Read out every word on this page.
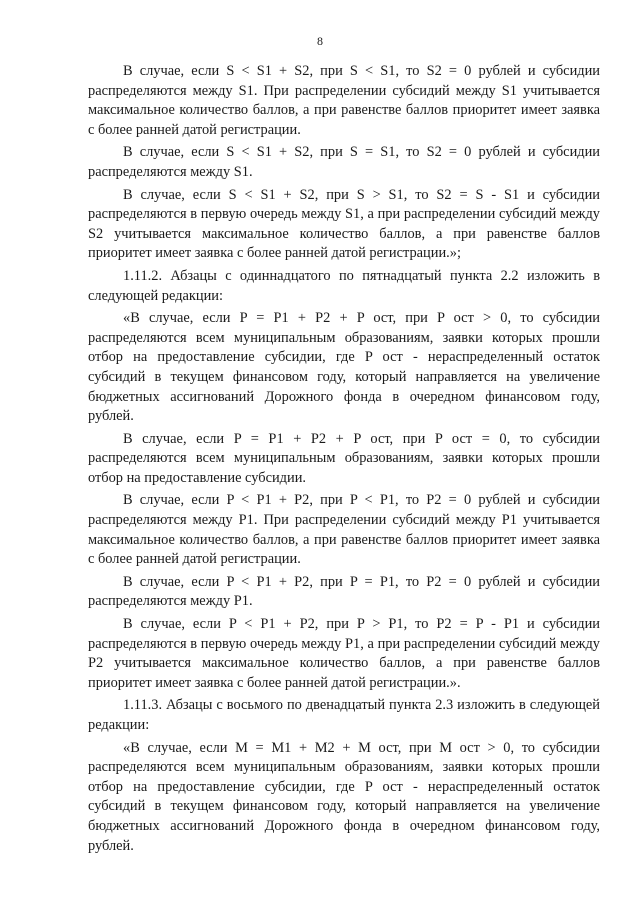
8

В случае, если S < S1 + S2, при S < S1, то S2 = 0 рублей и субсидии распределяются между S1. При распределении субсидий между S1 учитывается максимальное количество баллов, а при равенстве баллов приоритет имеет заявка с более ранней датой регистрации.

В случае, если S < S1 + S2, при S = S1, то S2 = 0 рублей и субсидии распределяются между S1.

В случае, если S < S1 + S2, при S > S1, то S2 = S - S1 и субсидии распределяются в первую очередь между S1, а при распределении субсидий между S2 учитывается максимальное количество баллов, а при равенстве баллов приоритет имеет заявка с более ранней датой регистрации.»;

1.11.2. Абзацы с одиннадцатого по пятнадцатый пункта 2.2 изложить в следующей редакции:

«В случае, если P = P1 + P2 + P ост, при P ост > 0, то субсидии распределяются всем муниципальным образованиям, заявки которых прошли отбор на предоставление субсидии, где P ост - нераспределенный остаток субсидий в текущем финансовом году, который направляется на увеличение бюджетных ассигнований Дорожного фонда в очередном финансовом году, рублей.

В случае, если P = P1 + P2 + P ост, при P ост = 0, то субсидии распределяются всем муниципальным образованиям, заявки которых прошли отбор на предоставление субсидии.

В случае, если P < P1 + P2, при P < P1, то P2 = 0 рублей и субсидии распределяются между P1. При распределении субсидий между P1 учитывается максимальное количество баллов, а при равенстве баллов приоритет имеет заявка с более ранней датой регистрации.

В случае, если P < P1 + P2, при P = P1, то P2 = 0 рублей и субсидии распределяются между P1.

В случае, если P < P1 + P2, при P > P1, то P2 = P - P1 и субсидии распределяются в первую очередь между P1, а при распределении субсидий между P2 учитывается максимальное количество баллов, а при равенстве баллов приоритет имеет заявка с более ранней датой регистрации.».

1.11.3. Абзацы с восьмого по двенадцатый пункта 2.3 изложить в следующей редакции:

«В случае, если M = M1 + M2 + M ост, при M ост > 0, то субсидии распределяются всем муниципальным образованиям, заявки которых прошли отбор на предоставление субсидии, где P ост - нераспределенный остаток субсидий в текущем финансовом году, который направляется на увеличение бюджетных ассигнований Дорожного фонда в очередном финансовом году, рублей.
